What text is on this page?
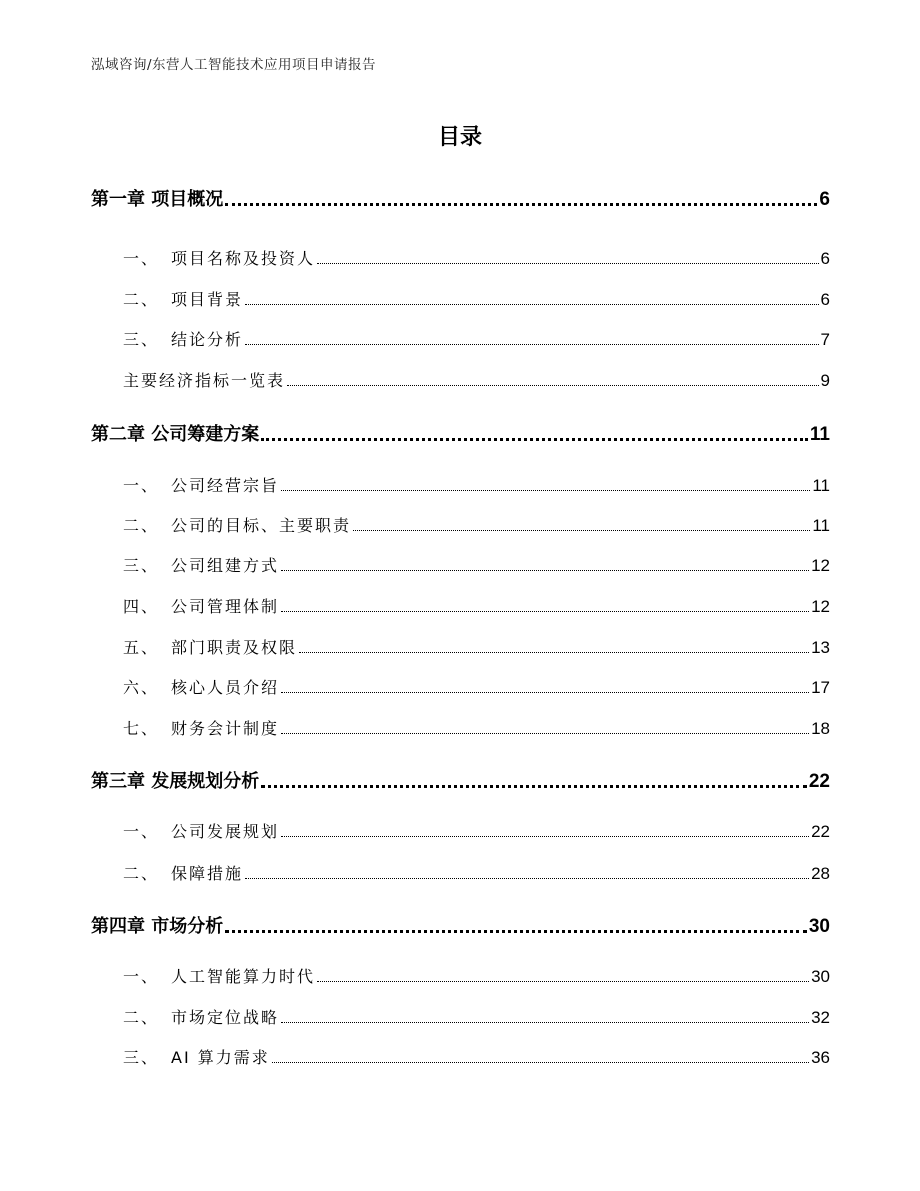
泓域咨询/东营人工智能技术应用项目申请报告
目录
第一章 项目概况	6
一、 项目名称及投资人	6
二、 项目背景	6
三、 结论分析	7
主要经济指标一览表	9
第二章 公司筹建方案	11
一、 公司经营宗旨	11
二、 公司的目标、主要职责	11
三、 公司组建方式	12
四、 公司管理体制	12
五、 部门职责及权限	13
六、 核心人员介绍	17
七、 财务会计制度	18
第三章 发展规划分析	22
一、 公司发展规划	22
二、 保障措施	28
第四章 市场分析	30
一、 人工智能算力时代	30
二、 市场定位战略	32
三、 AI 算力需求	36
